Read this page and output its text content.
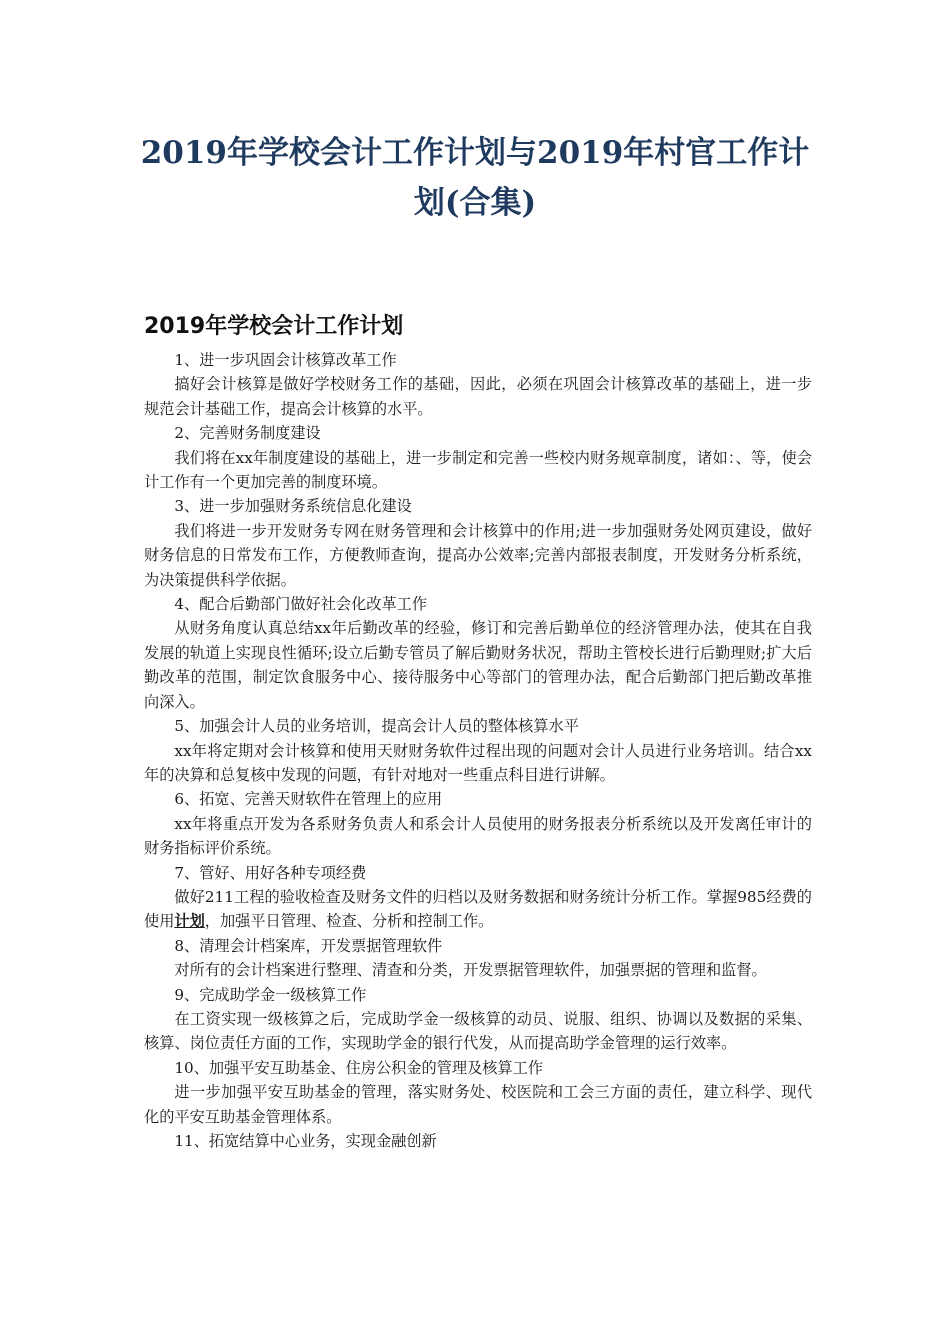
2019年学校会计工作计划与2019年村官工作计划(合集)
2019年学校会计工作计划

1、进一步巩固会计核算改革工作

搞好会计核算是做好学校财务工作的基础，因此，必须在巩固会计核算改革的基础上，进一步规范会计基础工作，提高会计核算的水平。

2、完善财务制度建设

我们将在xx年制度建设的基础上，进一步制定和完善一些校内财务规章制度，诸如：、等，使会计工作有一个更加完善的制度环境。

3、进一步加强财务系统信息化建设

我们将进一步开发财务专网在财务管理和会计核算中的作用;进一步加强财务处网页建设，做好财务信息的日常发布工作，方便教师查询，提高办公效率;完善内部报表制度，开发财务分析系统，为决策提供科学依据。

4、配合后勤部门做好社会化改革工作

从财务角度认真总结xx年后勤改革的经验，修订和完善后勤单位的经济管理办法，使其在自我发展的轨道上实现良性循环;设立后勤专管员了解后勤财务状况，帮助主管校长进行后勤理财;扩大后勤改革的范围，制定饮食服务中心、接待服务中心等部门的管理办法，配合后勤部门把后勤改革推向深入。

5、加强会计人员的业务培训，提高会计人员的整体核算水平

xx年将定期对会计核算和使用天财财务软件过程出现的问题对会计人员进行业务培训。结合xx年的决算和总复核中发现的问题，有针对地对一些重点科目进行讲解。

6、拓宽、完善天财软件在管理上的应用

xx年将重点开发为各系财务负责人和系会计人员使用的财务报表分析系统以及开发离任审计的财务指标评价系统。

7、管好、用好各种专项经费

做好211工程的验收检查及财务文件的归档以及财务数据和财务统计分析工作。掌握985经费的使用计划，加强平日管理、检查、分析和控制工作。

8、清理会计档案库，开发票据管理软件

对所有的会计档案进行整理、清查和分类，开发票据管理软件，加强票据的管理和监督。

9、完成助学金一级核算工作

在工资实现一级核算之后，完成助学金一级核算的动员、说服、组织、协调以及数据的采集、核算、岗位责任方面的工作，实现助学金的银行代发，从而提高助学金管理的运行效率。

10、加强平安互助基金、住房公积金的管理及核算工作

进一步加强平安互助基金的管理，落实财务处、校医院和工会三方面的责任，建立科学、现代化的平安互助基金管理体系。

11、拓宽结算中心业务，实现金融创新
